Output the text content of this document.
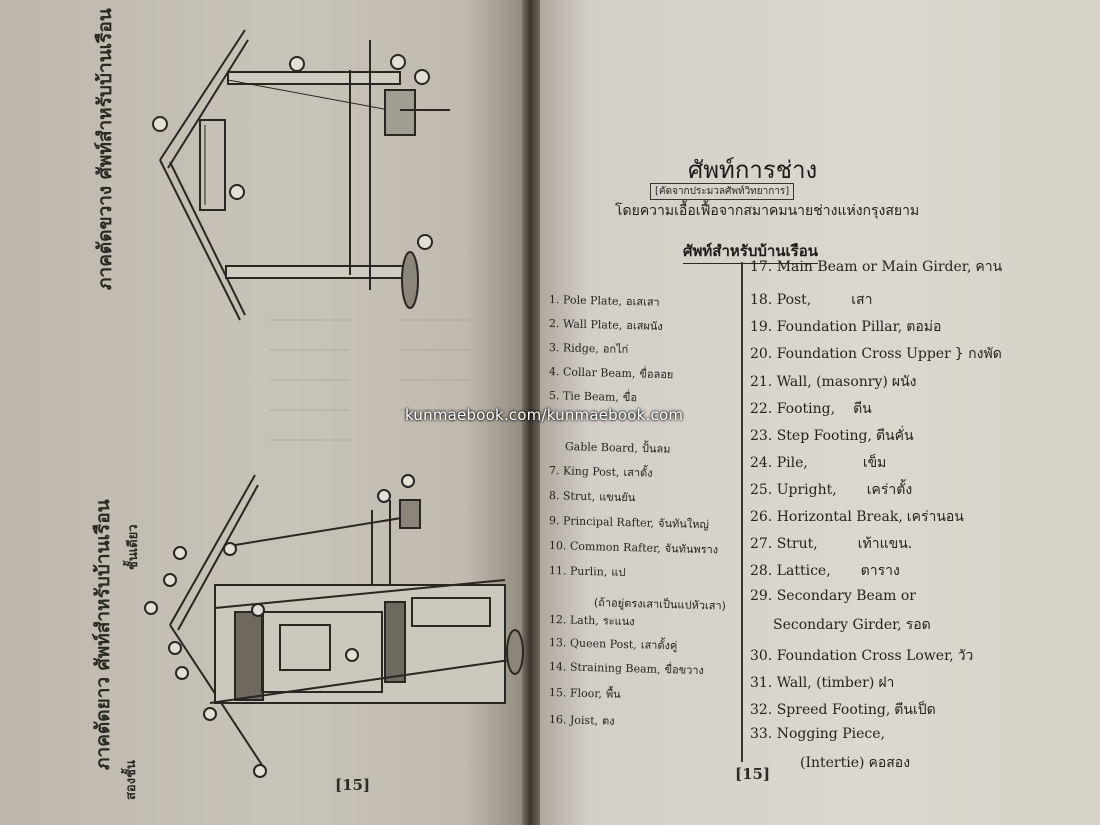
ภาคตัดขวาง ศัพท์สำหรับบ้านเรือน
ภาคตัดยาว ศัพท์สำหรับบ้านเรือน ชั้นเดียว
สองชั้น	[15]
ศัพท์การช่าง
[คัดจากประมวลศัพท์วิทยาการ]
โดยความเอื้อเฟื้อจากสมาคมนายช่างแห่งกรุงสยาม
ศัพท์สำหรับบ้านเรือน
1. Pole Plate, อเสเสา
2. Wall Plate, อเสผนัง
3. Ridge, อกไก่
4. Collar Beam, ขื่อลอย
5. Tie Beam, ขื่อ
Gable Board, ปั้นลม
7. King Post, เสาดั้ง
8. Strut, แขนยัน
9. Principal Rafter, จันทันใหญ่
10. Common Rafter, จันทันพราง
11. Purlin, แป
(ถ้าอยู่ตรงเสาเป็นแปหัวเสา)
12. Lath, ระแนง
13. Queen Post, เสาดั้งคู่
14. Straining Beam, ขื่อขวาง
15. Floor, พื้น
16. Joist, ตง
17. Main Beam or Main Girder, คาน
18. Post,	เสา
19. Foundation Pillar, ตอม่อ
20. Foundation Cross Upper } กงพัด
21. Wall, (masonry) ผนัง
22. Footing, ตีน
23. Step Footing, ตีนคั่น
24. Pile,	เข็ม
25. Upright, เคร่าตั้ง
26. Horizontal Break, เคร่านอน
27. Strut,	เท้าแขน.
28. Lattice, ตาราง
29. Secondary Beam or
Secondary Girder, รอด
30. Foundation Cross Lower, วัว
31. Wall, (timber) ฝา
32. Spreed Footing, ตีนเป็ด
33. Nogging Piece,
(Intertie) คอสอง
[15]
kunmaebook.com/kunmaebook.com
